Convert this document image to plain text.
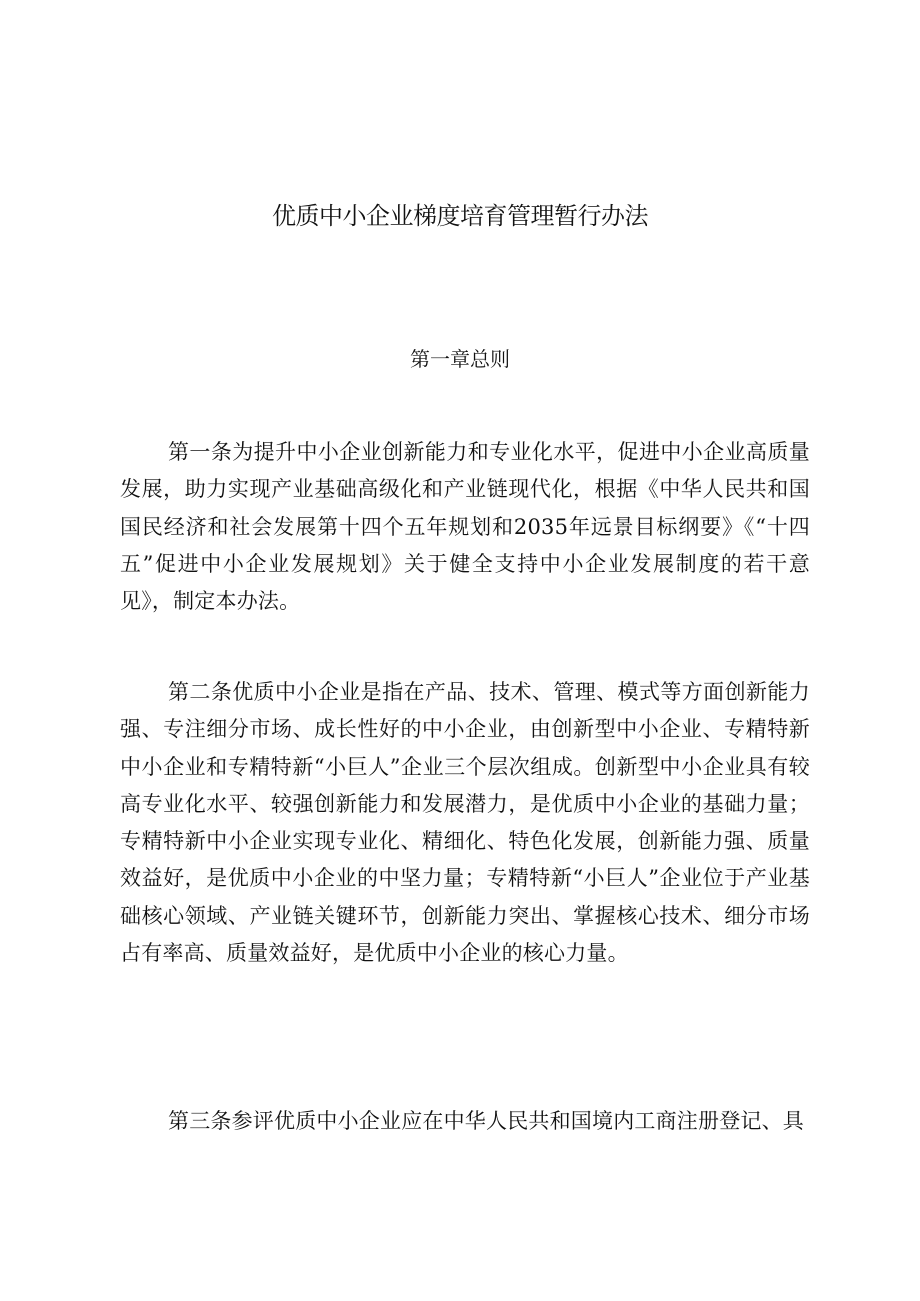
优质中小企业梯度培育管理暂行办法
第一章总则

第一条为提升中小企业创新能力和专业化水平，促进中小企业高质量发展，助力实现产业基础高级化和产业链现代化，根据《中华人民共和国国民经济和社会发展第十四个五年规划和2035年远景目标纲要》《“十四五”促进中小企业发展规划》关于健全支持中小企业发展制度的若干意见》，制定本办法。

第二条优质中小企业是指在产品、技术、管理、模式等方面创新能力强、专注细分市场、成长性好的中小企业，由创新型中小企业、专精特新中小企业和专精特新“小巨人”企业三个层次组成。创新型中小企业具有较高专业化水平、较强创新能力和发展潜力，是优质中小企业的基础力量；专精特新中小企业实现专业化、精细化、特色化发展，创新能力强、质量效益好，是优质中小企业的中坚力量；专精特新“小巨人”企业位于产业基础核心领域、产业链关键环节，创新能力突出、掌握核心技术、细分市场占有率高、质量效益好，是优质中小企业的核心力量。

第三条参评优质中小企业应在中华人民共和国境内工商注册登记、具
